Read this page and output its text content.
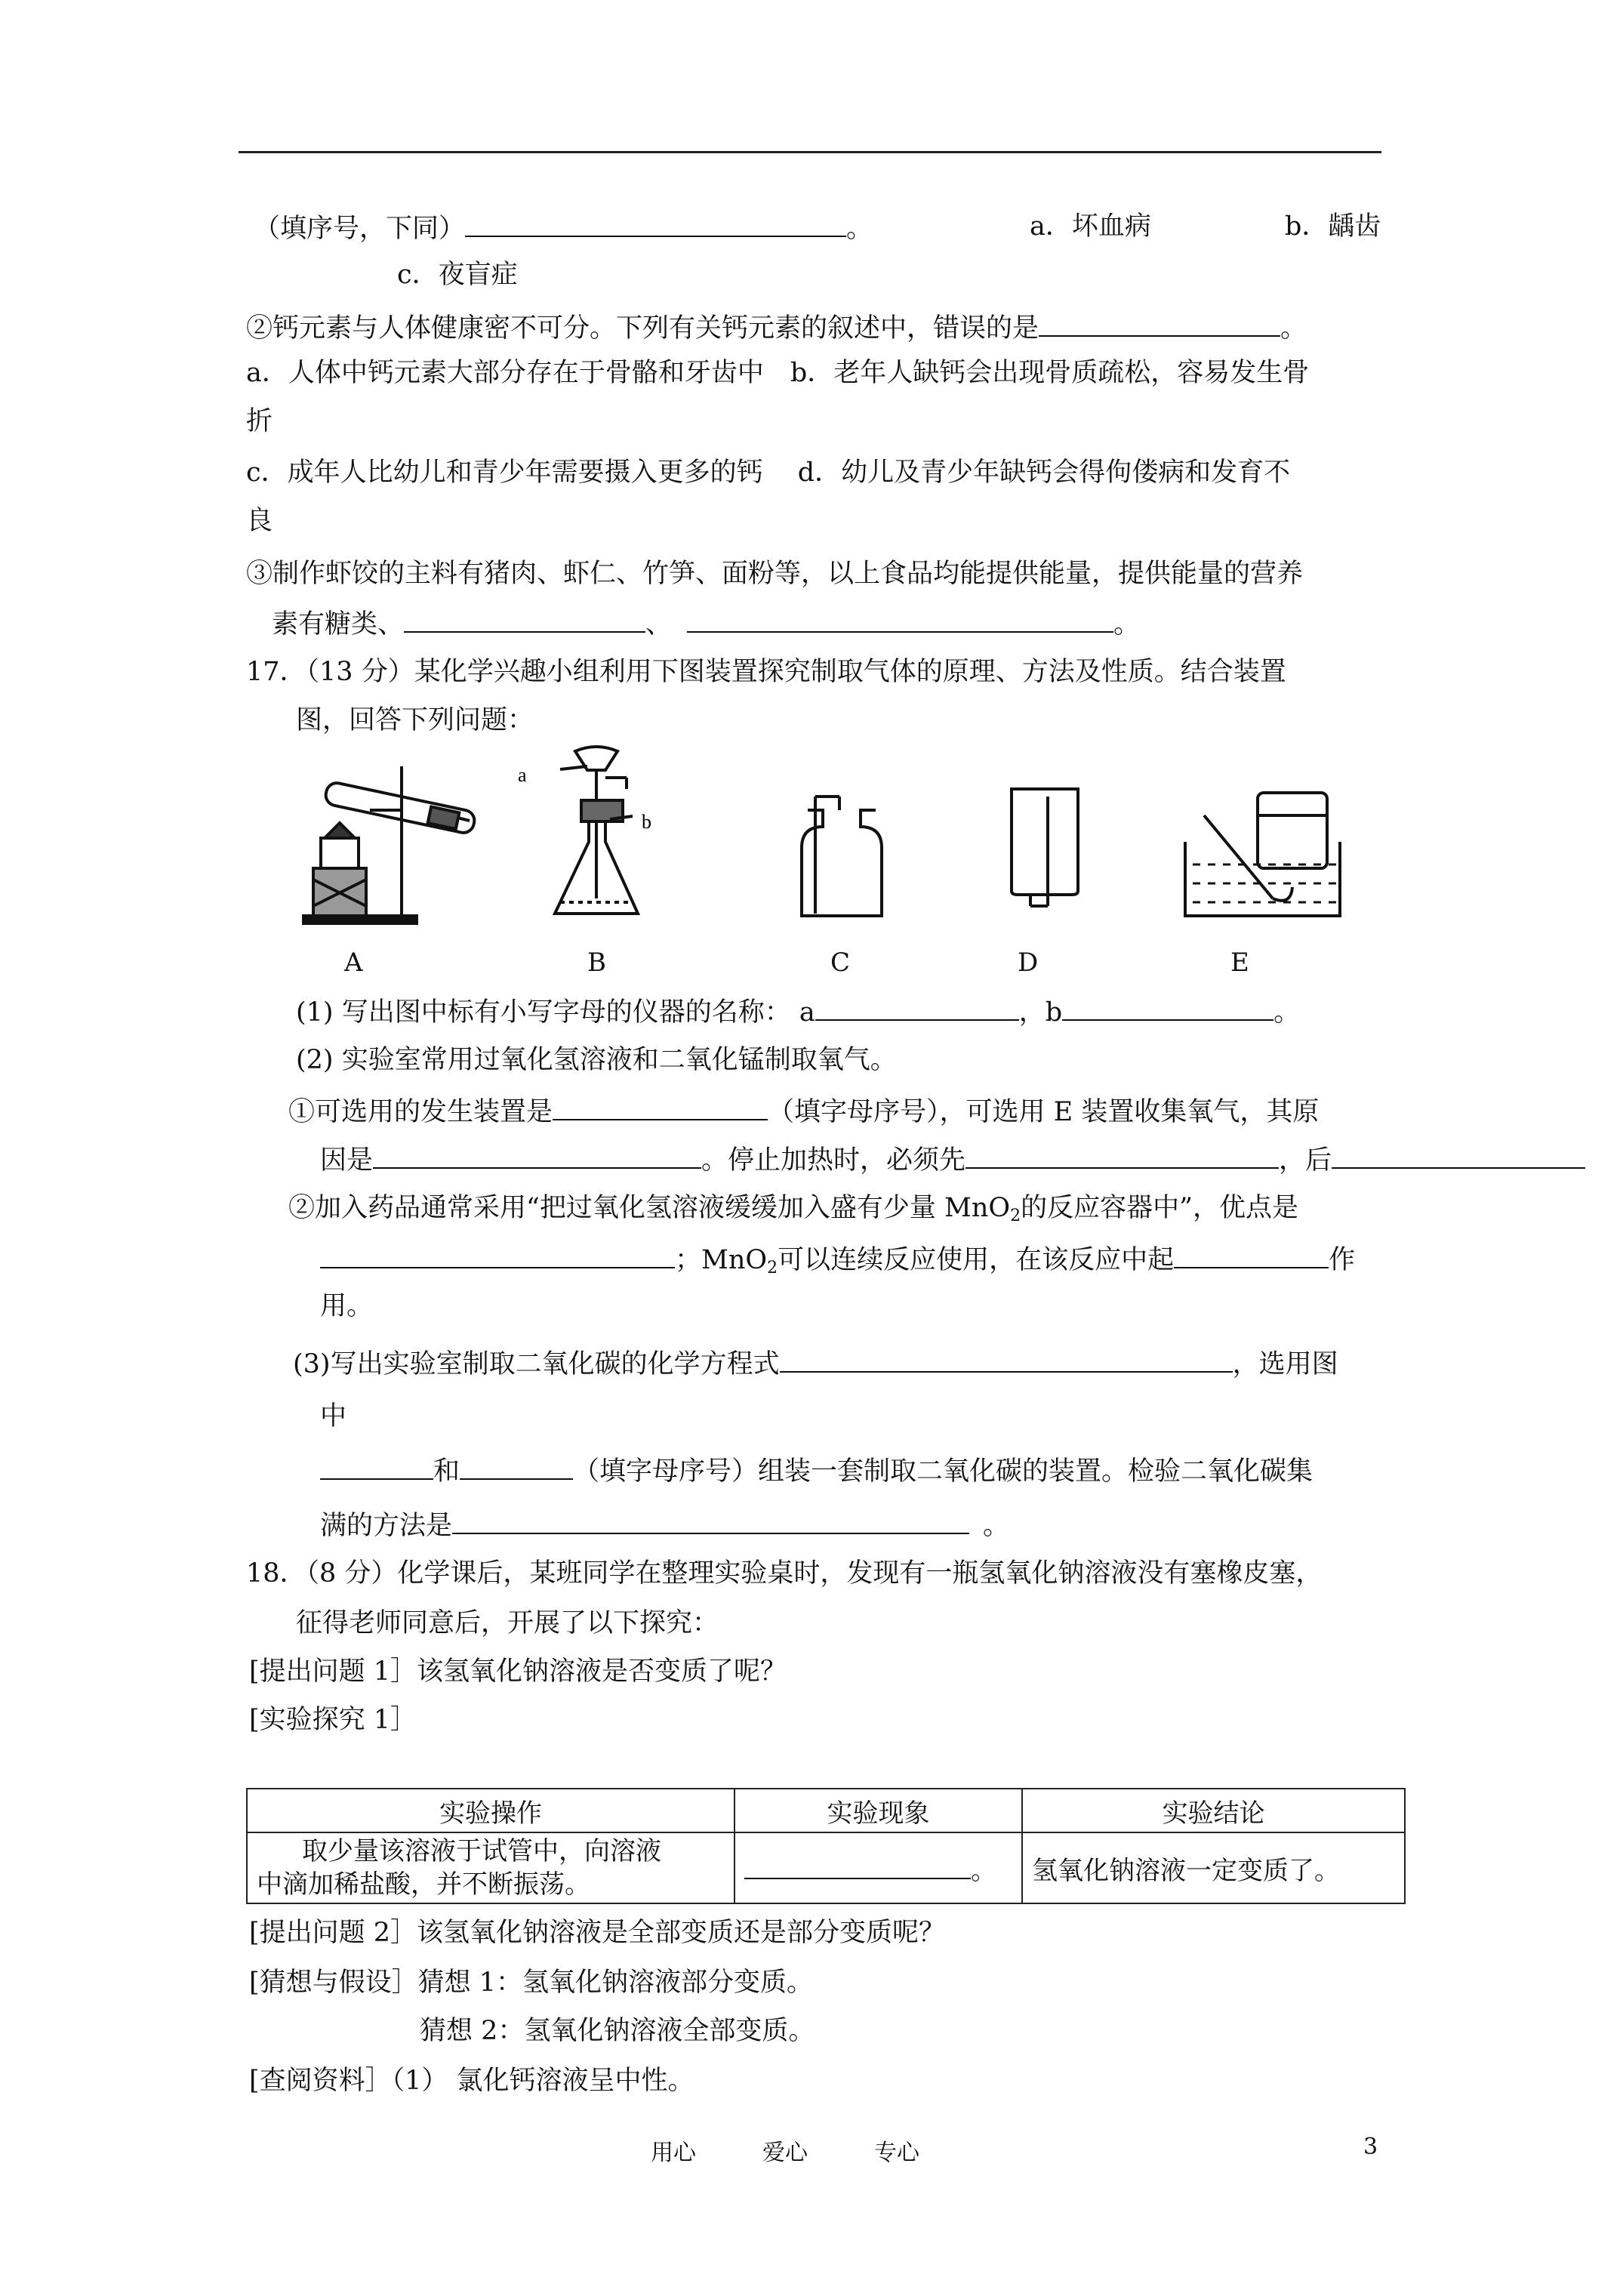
（填序号，下同）	。	a．坏血病	b．龋齿
c．夜盲症
②钙元素与人体健康密不可分。下列有关钙元素的叙述中，错误的是	。
a．人体中钙元素大部分存在于骨骼和牙齿中　b．老年人缺钙会出现骨质疏松，容易发生骨
折
c．成年人比幼儿和青少年需要摄入更多的钙　 d．幼儿及青少年缺钙会得佝偻病和发育不
良
③制作虾饺的主料有猪肉、虾仁、竹笋、面粉等，以上食品均能提供能量，提供能量的营养
素有糖类、	、	。
17．（13 分）某化学兴趣小组利用下图装置探究制取气体的原理、方法及性质。结合装置
图，回答下列问题：
a
b
A	B	C	D	E
(1) 写出图中标有小写字母的仪器的名称： a	，b	。
(2) 实验室常用过氧化氢溶液和二氧化锰制取氧气。
①可选用的发生装置是	（填字母序号），可选用 E 装置收集氧气，其原
因是	。停止加热时，必须先	，后
②加入药品通常采用“把过氧化氢溶液缓缓加入盛有少量 MnO$_2$的反应容器中”，优点是
；MnO$_2$可以连续反应使用，在该反应中起	作
用。
(3)写出实验室制取二氧化碳的化学方程式	，选用图
中
和	（填字母序号）组装一套制取二氧化碳的装置。检验二氧化碳集
满的方法是	。
18．（8 分）化学课后，某班同学在整理实验桌时，发现有一瓶氢氧化钠溶液没有塞橡皮塞，
征得老师同意后，开展了以下探究：
[提出问题 1］该氢氧化钠溶液是否变质了呢？
[实验探究 1］
实验操作	实验现象	实验结论

取少量该溶液于试管中，向溶液
中滴加稀盐酸，并不断振荡。	。	氢氧化钠溶液一定变质了。
[提出问题 2］该氢氧化钠溶液是全部变质还是部分变质呢？
[猜想与假设］猜想 1：氢氧化钠溶液部分变质。
猜想 2：氢氧化钠溶液全部变质。
[查阅资料］（1） 氯化钙溶液呈中性。
用心	爱心	专心	3
